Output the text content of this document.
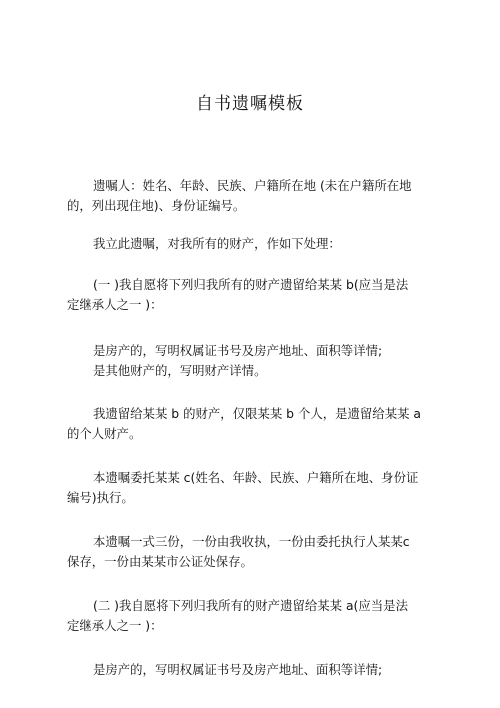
自书遗嘱模板
遗嘱人：姓名、年龄、民族、户籍所在地 (未在户籍所在地
的，列出现住地)、身份证编号。
我立此遗嘱，对我所有的财产，作如下处理：
(一 )我自愿将下列归我所有的财产遗留给某某 b(应当是法
定继承人之一 )：
是房产的，写明权属证书号及房产地址、面积等详情;
是其他财产的，写明财产详情。
我遗留给某某 b 的财产，仅限某某 b 个人，是遗留给某某 a
的个人财产。
本遗嘱委托某某 c(姓名、年龄、民族、户籍所在地、身份证
编号)执行。
本遗嘱一式三份，一份由我收执，一份由委托执行人某某c
保存，一份由某某市公证处保存。
(二 )我自愿将下列归我所有的财产遗留给某某 a(应当是法
定继承人之一 )：
是房产的，写明权属证书号及房产地址、面积等详情;
